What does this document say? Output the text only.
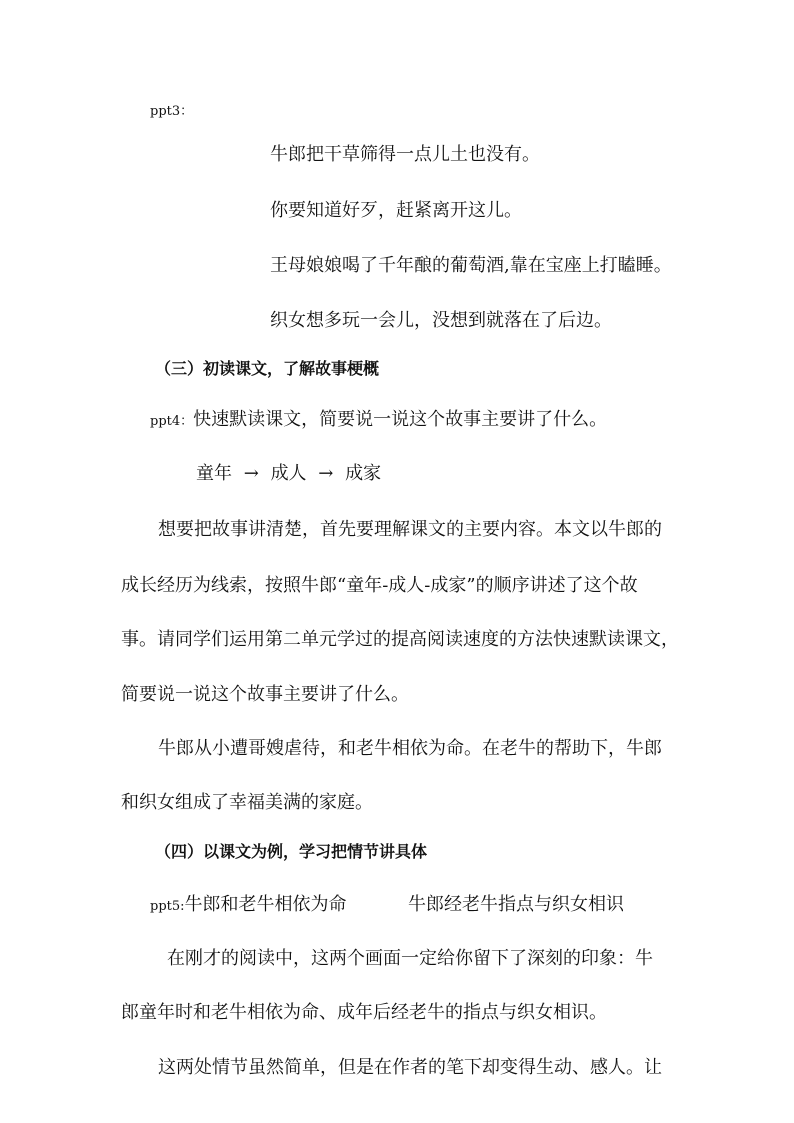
ppt3：
牛郎把干草筛得一点儿土也没有。
你要知道好歹，赶紧离开这儿。
王母娘娘喝了千年酿的葡萄酒,靠在宝座上打瞌睡。
织女想多玩一会儿，没想到就落在了后边。
（三）初读课文，了解故事梗概
ppt4：快速默读课文，简要说一说这个故事主要讲了什么。
童年 → 成人 → 成家
想要把故事讲清楚，首先要理解课文的主要内容。本文以牛郎的
成长经历为线索，按照牛郎“童年-成人-成家”的顺序讲述了这个故
事。请同学们运用第二单元学过的提高阅读速度的方法快速默读课文，
简要说一说这个故事主要讲了什么。
牛郎从小遭哥嫂虐待，和老牛相依为命。在老牛的帮助下，牛郎
和织女组成了幸福美满的家庭。
（四）以课文为例，学习把情节讲具体
ppt5:牛郎和老牛相依为命	牛郎经老牛指点与织女相识
在刚才的阅读中，这两个画面一定给你留下了深刻的印象：牛
郎童年时和老牛相依为命、成年后经老牛的指点与织女相识。
这两处情节虽然简单，但是在作者的笔下却变得生动、感人。让
